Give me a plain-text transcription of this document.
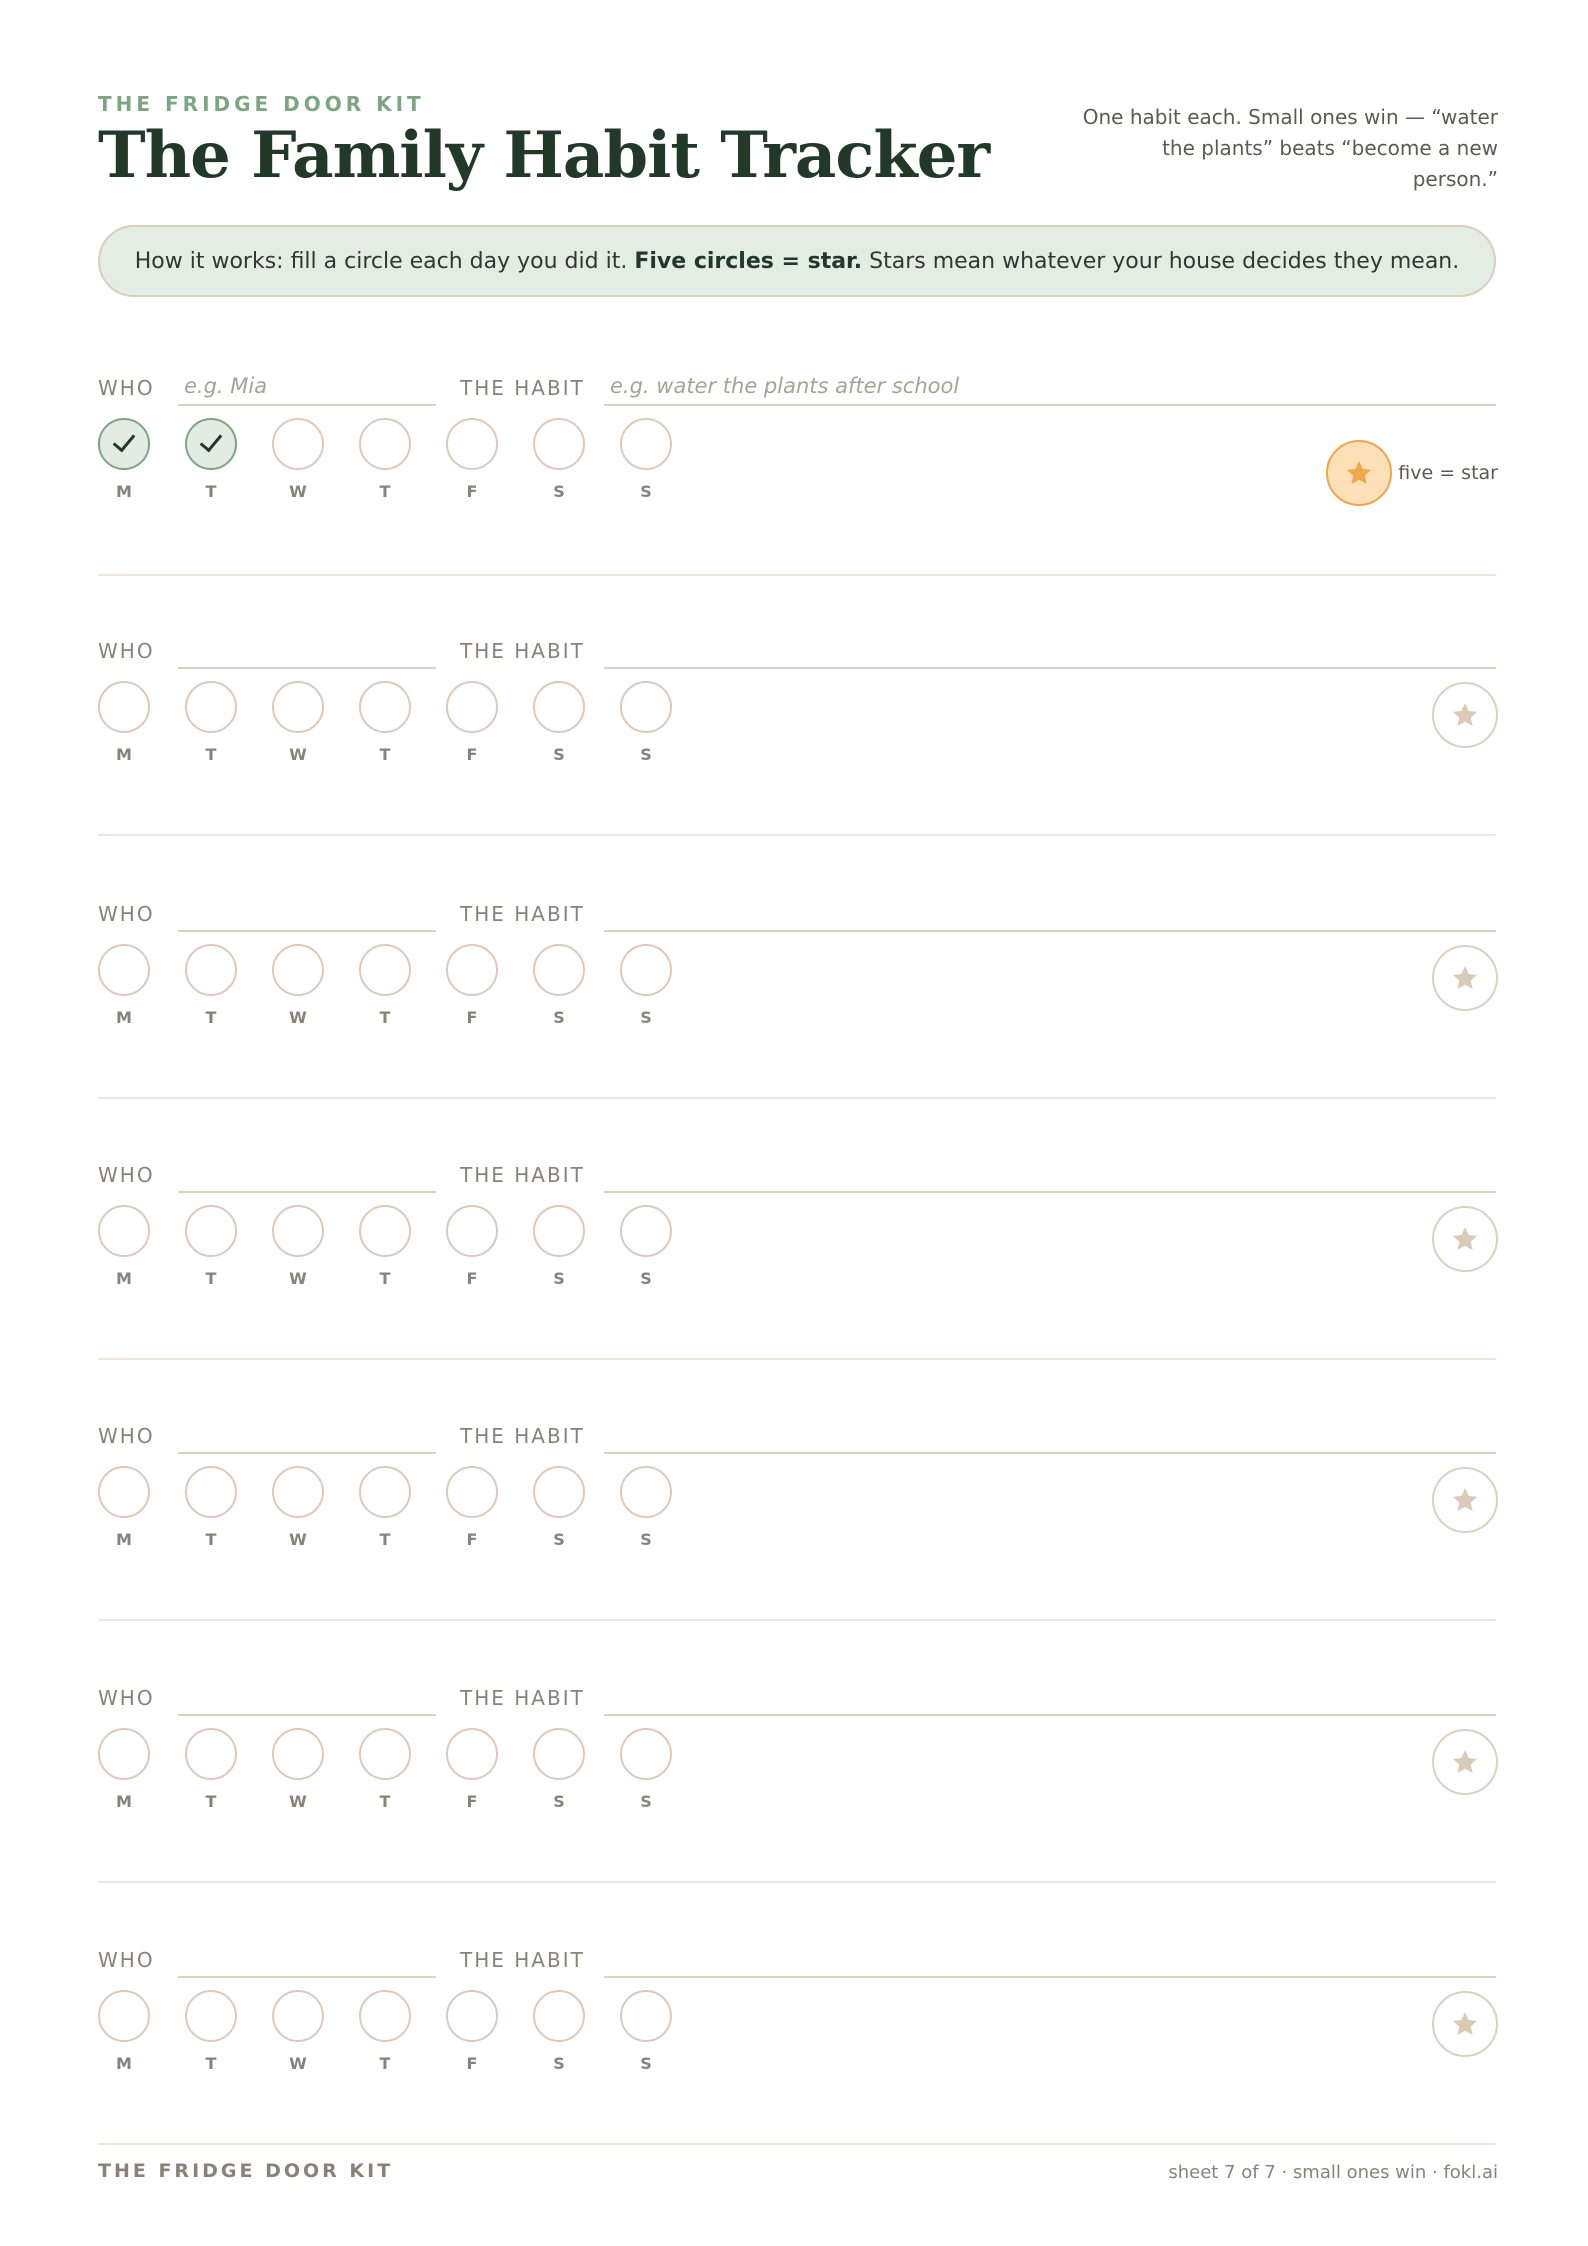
THE FRIDGE DOOR KIT
The Family Habit Tracker
One habit each. Small ones win — “water the plants” beats “become a new person.”
How it works: fill a circle each day you did it. Five circles = star. Stars mean whatever your house decides they mean.
WHO e.g. Mia	THE HABIT e.g. water the plants after school
M	T	W	T	F	S	S
five = star
WHO	THE HABIT
M	T	W	T	F	S	S
WHO	THE HABIT
M	T	W	T	F	S	S
WHO	THE HABIT
M	T	W	T	F	S	S
WHO	THE HABIT
M	T	W	T	F	S	S
WHO	THE HABIT
M	T	W	T	F	S	S
WHO	THE HABIT
M	T	W	T	F	S	S
THE FRIDGE DOOR KIT	sheet 7 of 7 · small ones win · fokl.ai
